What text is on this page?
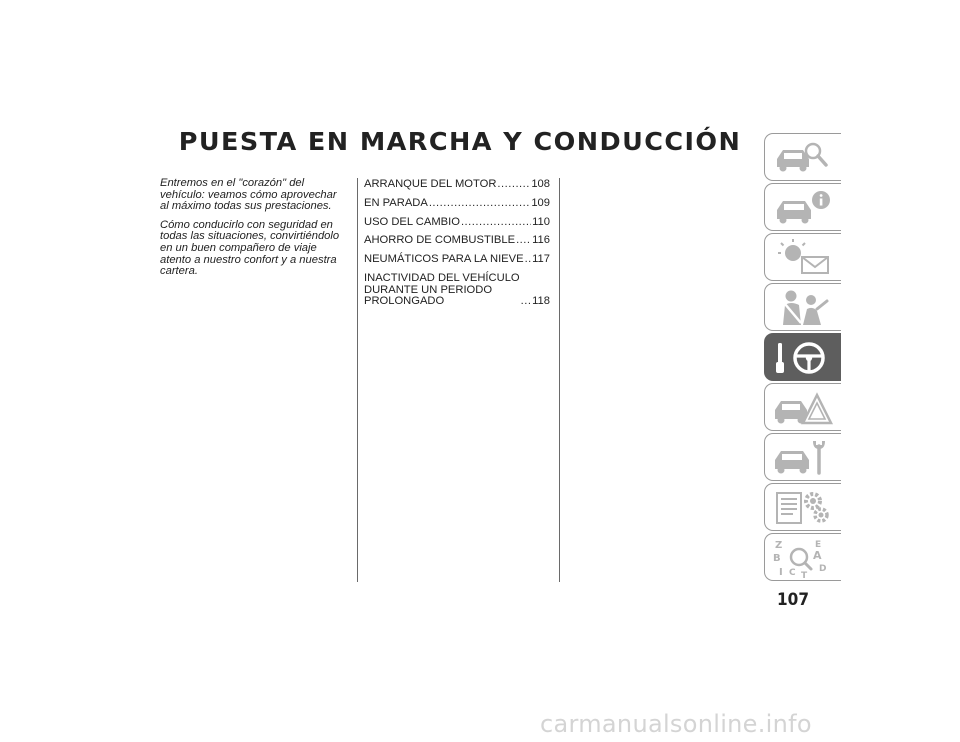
PUESTA EN MARCHA Y CONDUCCIÓN

Entremos en el "corazón" del vehículo: veamos cómo aprovechar al máximo todas sus prestaciones.

Cómo conducirlo con seguridad en todas las situaciones, convirtiéndolo en un buen compañero de viaje atento a nuestro confort y a nuestra cartera.

ARRANQUE DEL MOTOR .....	108
EN PARADA .....	109
USO DEL CAMBIO .....	110
AHORRO DE COMBUSTIBLE ..... 116
NEUMÁTICOS PARA LA NIEVE ..... 117
INACTIVIDAD DEL VEHÍCULO
DURANTE UN PERIODO
PROLONGADO .....	118
Z
B
I C T
A
D
E
107
carmanualsonline.info
